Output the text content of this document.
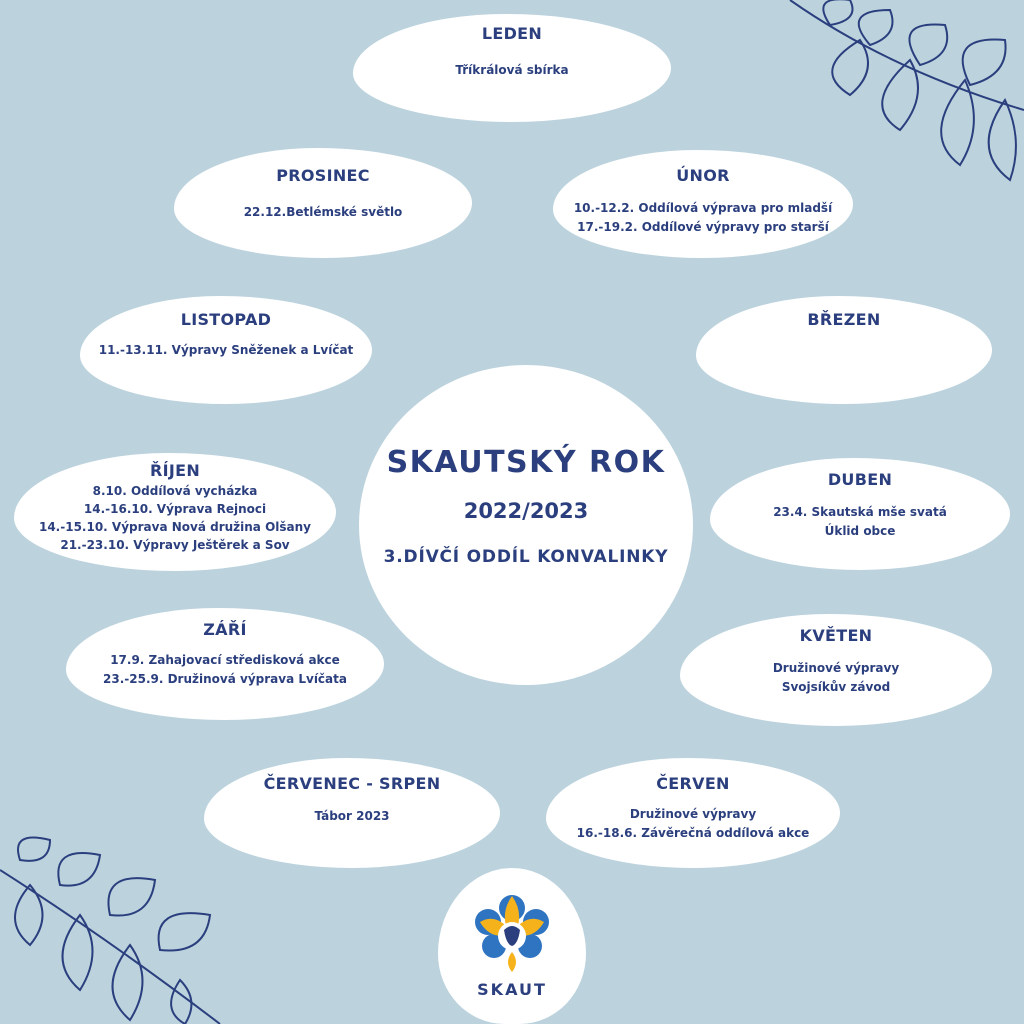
LEDEN
Tříkrálová sbírka
PROSINEC
22.12.Betlémské světlo
ÚNOR
10.-12.2. Oddílová výprava pro mladší
17.-19.2. Oddílové výpravy pro starší
LISTOPAD
11.-13.11. Výpravy Sněženek a Lvíčat
BŘEZEN
ŘÍJEN
8.10. Oddílová vycházka
14.-16.10. Výprava Rejnoci
14.-15.10. Výprava Nová družina Olšany
21.-23.10. Výpravy Ještěrek a Sov
DUBEN
23.4. Skautská mše svatá
Úklid obce
ZÁŘÍ
17.9. Zahajovací středisková akce
23.-25.9. Družinová výprava Lvíčata
KVĚTEN
Družinové výpravy
Svojsíkův závod
ČERVENEC - SRPEN
Tábor 2023
ČERVEN
Družinové výpravy
16.-18.6. Závěrečná oddílová akce
SKAUTSKÝ ROK
2022/2023
3.DÍVČÍ ODDÍL KONVALINKY
SKAUT
